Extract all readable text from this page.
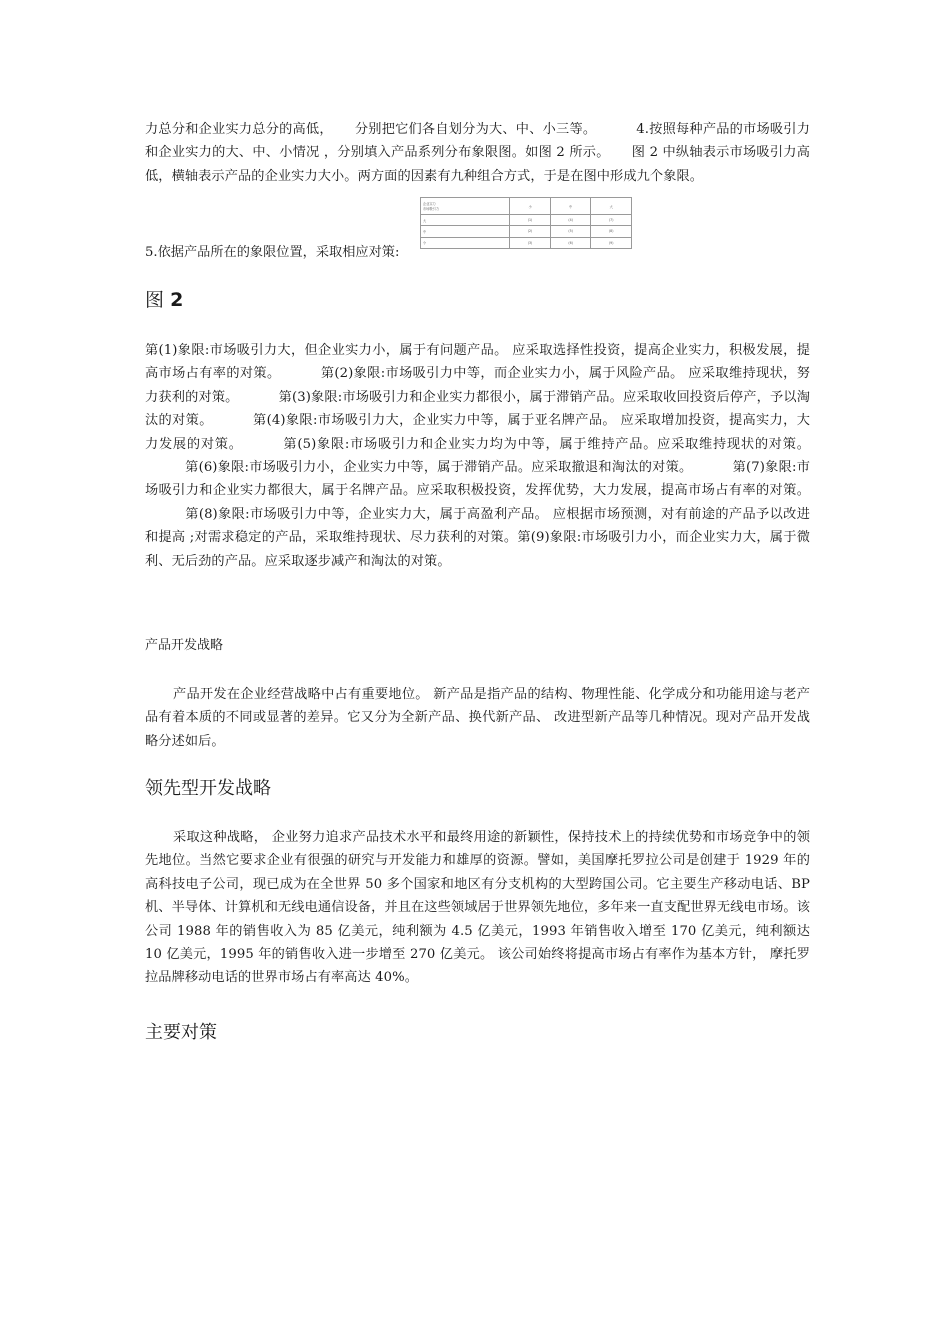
力总分和企业实力总分的高低， 分别把它们各自划分为大、中、小三等。	4.按照每种产品的市场吸引力和企业实力的大、中、小情况 ，分别填入产品系列分布象限图。如图 2 所示。 图 2 中纵轴表示市场吸引力高低，横轴表示产品的企业实力大小。两方面的因素有九种组合方式，于是在图中形成九个象限。

5.依据产品所在的象限位置，采取相应对策:

企业实力
市场吸引力	小	中	大
大	(1)	(4)	(7)
中	(2)	(5)	(8)
小	(3)	(6)	(9)

图 2

第(1)象限:市场吸引力大，但企业实力小，属于有问题产品。 应采取选择性投资，提高企业实力，积极发展，提高市场占有率的对策。	第(2)象限:市场吸引力中等，而企业实力小，属于风险产品。 应采取维持现状，努力获利的对策。	第(3)象限:市场吸引力和企业实力都很小，属于滞销产品。应采取收回投资后停产，予以淘汰的对策。	第(4)象限:市场吸引力大，企业实力中等，属于亚名牌产品。 应采取增加投资，提高实力，大力发展的对策。	第(5)象限:市场吸引力和企业实力均为中等，属于维持产品。应采取维持现状的对策。第(6)象限:市场吸引力小，企业实力中等，属于滞销产品。应采取撤退和淘汰的对策。	第(7)象限:市场吸引力和企业实力都很大，属于名牌产品。应采取积极投资，发挥优势，大力发展，提高市场占有率的对策。第(8)象限:市场吸引力中等，企业实力大，属于高盈利产品。 应根据市场预测，对有前途的产品予以改进和提高 ;对需求稳定的产品，采取维持现状、尽力获利的对策。第(9)象限:市场吸引力小，而企业实力大，属于微利、无后劲的产品。应采取逐步减产和淘汰的对策。

产品开发战略

产品开发在企业经营战略中占有重要地位。 新产品是指产品的结构、物理性能、化学成分和功能用途与老产品有着本质的不同或显著的差异。它又分为全新产品、换代新产品、 改进型新产品等几种情况。现对产品开发战略分述如后。

领先型开发战略

采取这种战略， 企业努力追求产品技术水平和最终用途的新颖性，保持技术上的持续优势和市场竞争中的领先地位。当然它要求企业有很强的研究与开发能力和雄厚的资源。譬如，美国摩托罗拉公司是创建于 1929 年的高科技电子公司，现已成为在全世界 50 多个国家和地区有分支机构的大型跨国公司。它主要生产移动电话、BP 机、半导体、计算机和无线电通信设备，并且在这些领域居于世界领先地位，多年来一直支配世界无线电市场。该公司 1988 年的销售收入为 85 亿美元，纯利额为 4.5 亿美元，1993 年销售收入增至 170 亿美元，纯利额达 10 亿美元，1995 年的销售收入进一步增至 270 亿美元。 该公司始终将提高市场占有率作为基本方针， 摩托罗拉品牌移动电话的世界市场占有率高达 40%。

主要对策
